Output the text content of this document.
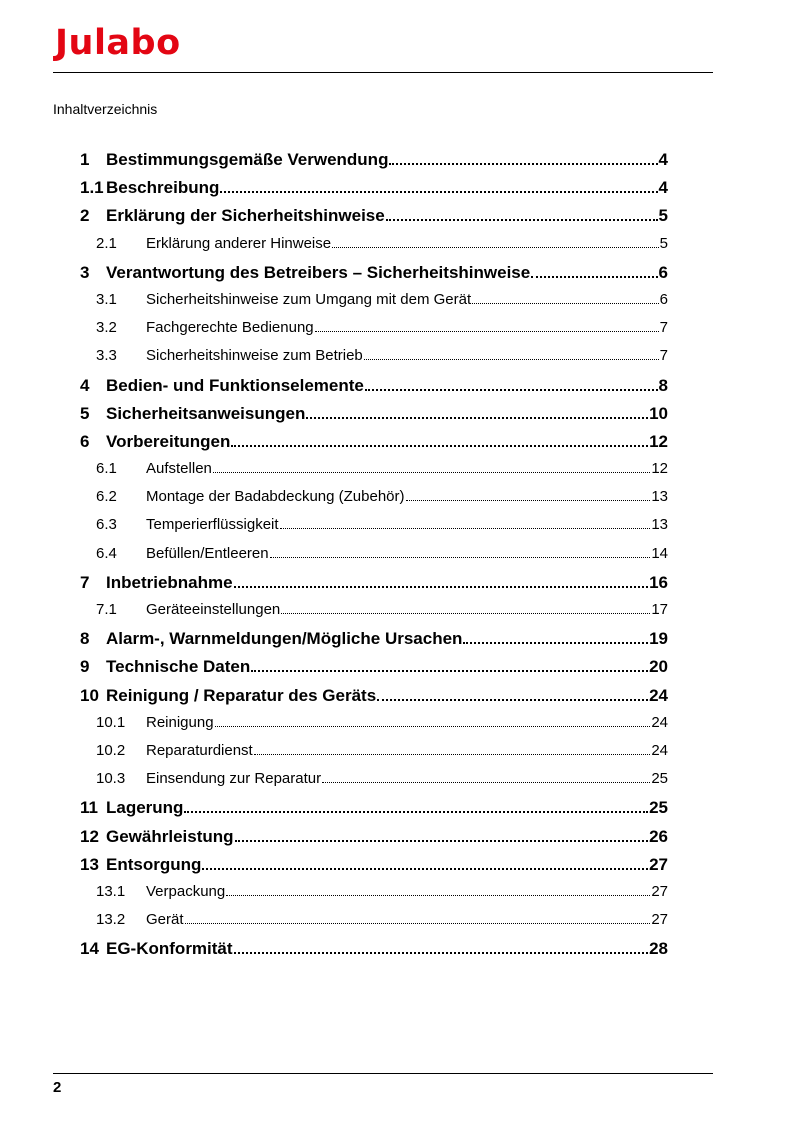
Julabo
Inhaltverzeichnis
1 Bestimmungsgemäße Verwendung	4
1.1 Beschreibung	4
2 Erklärung der Sicherheitshinweise	5
2.1	Erklärung anderer Hinweise	5
3 Verantwortung des Betreibers – Sicherheitshinweise	6
3.1	Sicherheitshinweise zum Umgang mit dem Gerät	6
3.2	Fachgerechte Bedienung	7
3.3	Sicherheitshinweise zum Betrieb	7
4 Bedien- und Funktionselemente	8
5 Sicherheitsanweisungen	10
6 Vorbereitungen	12
6.1	Aufstellen	12
6.2	Montage der Badabdeckung (Zubehör)	13
6.3	Temperierflüssigkeit	13
6.4	Befüllen/Entleeren	14
7 Inbetriebnahme	16
7.1	Geräteeinstellungen	17
8 Alarm-, Warnmeldungen/Mögliche Ursachen	19
9 Technische Daten	20
10 Reinigung / Reparatur des Geräts	24
10.1	Reinigung	24
10.2	Reparaturdienst	24
10.3	Einsendung zur Reparatur	25
11 Lagerung	25
12 Gewährleistung	26
13 Entsorgung	27
13.1	Verpackung	27
13.2	Gerät	27
14 EG-Konformität	28
2
